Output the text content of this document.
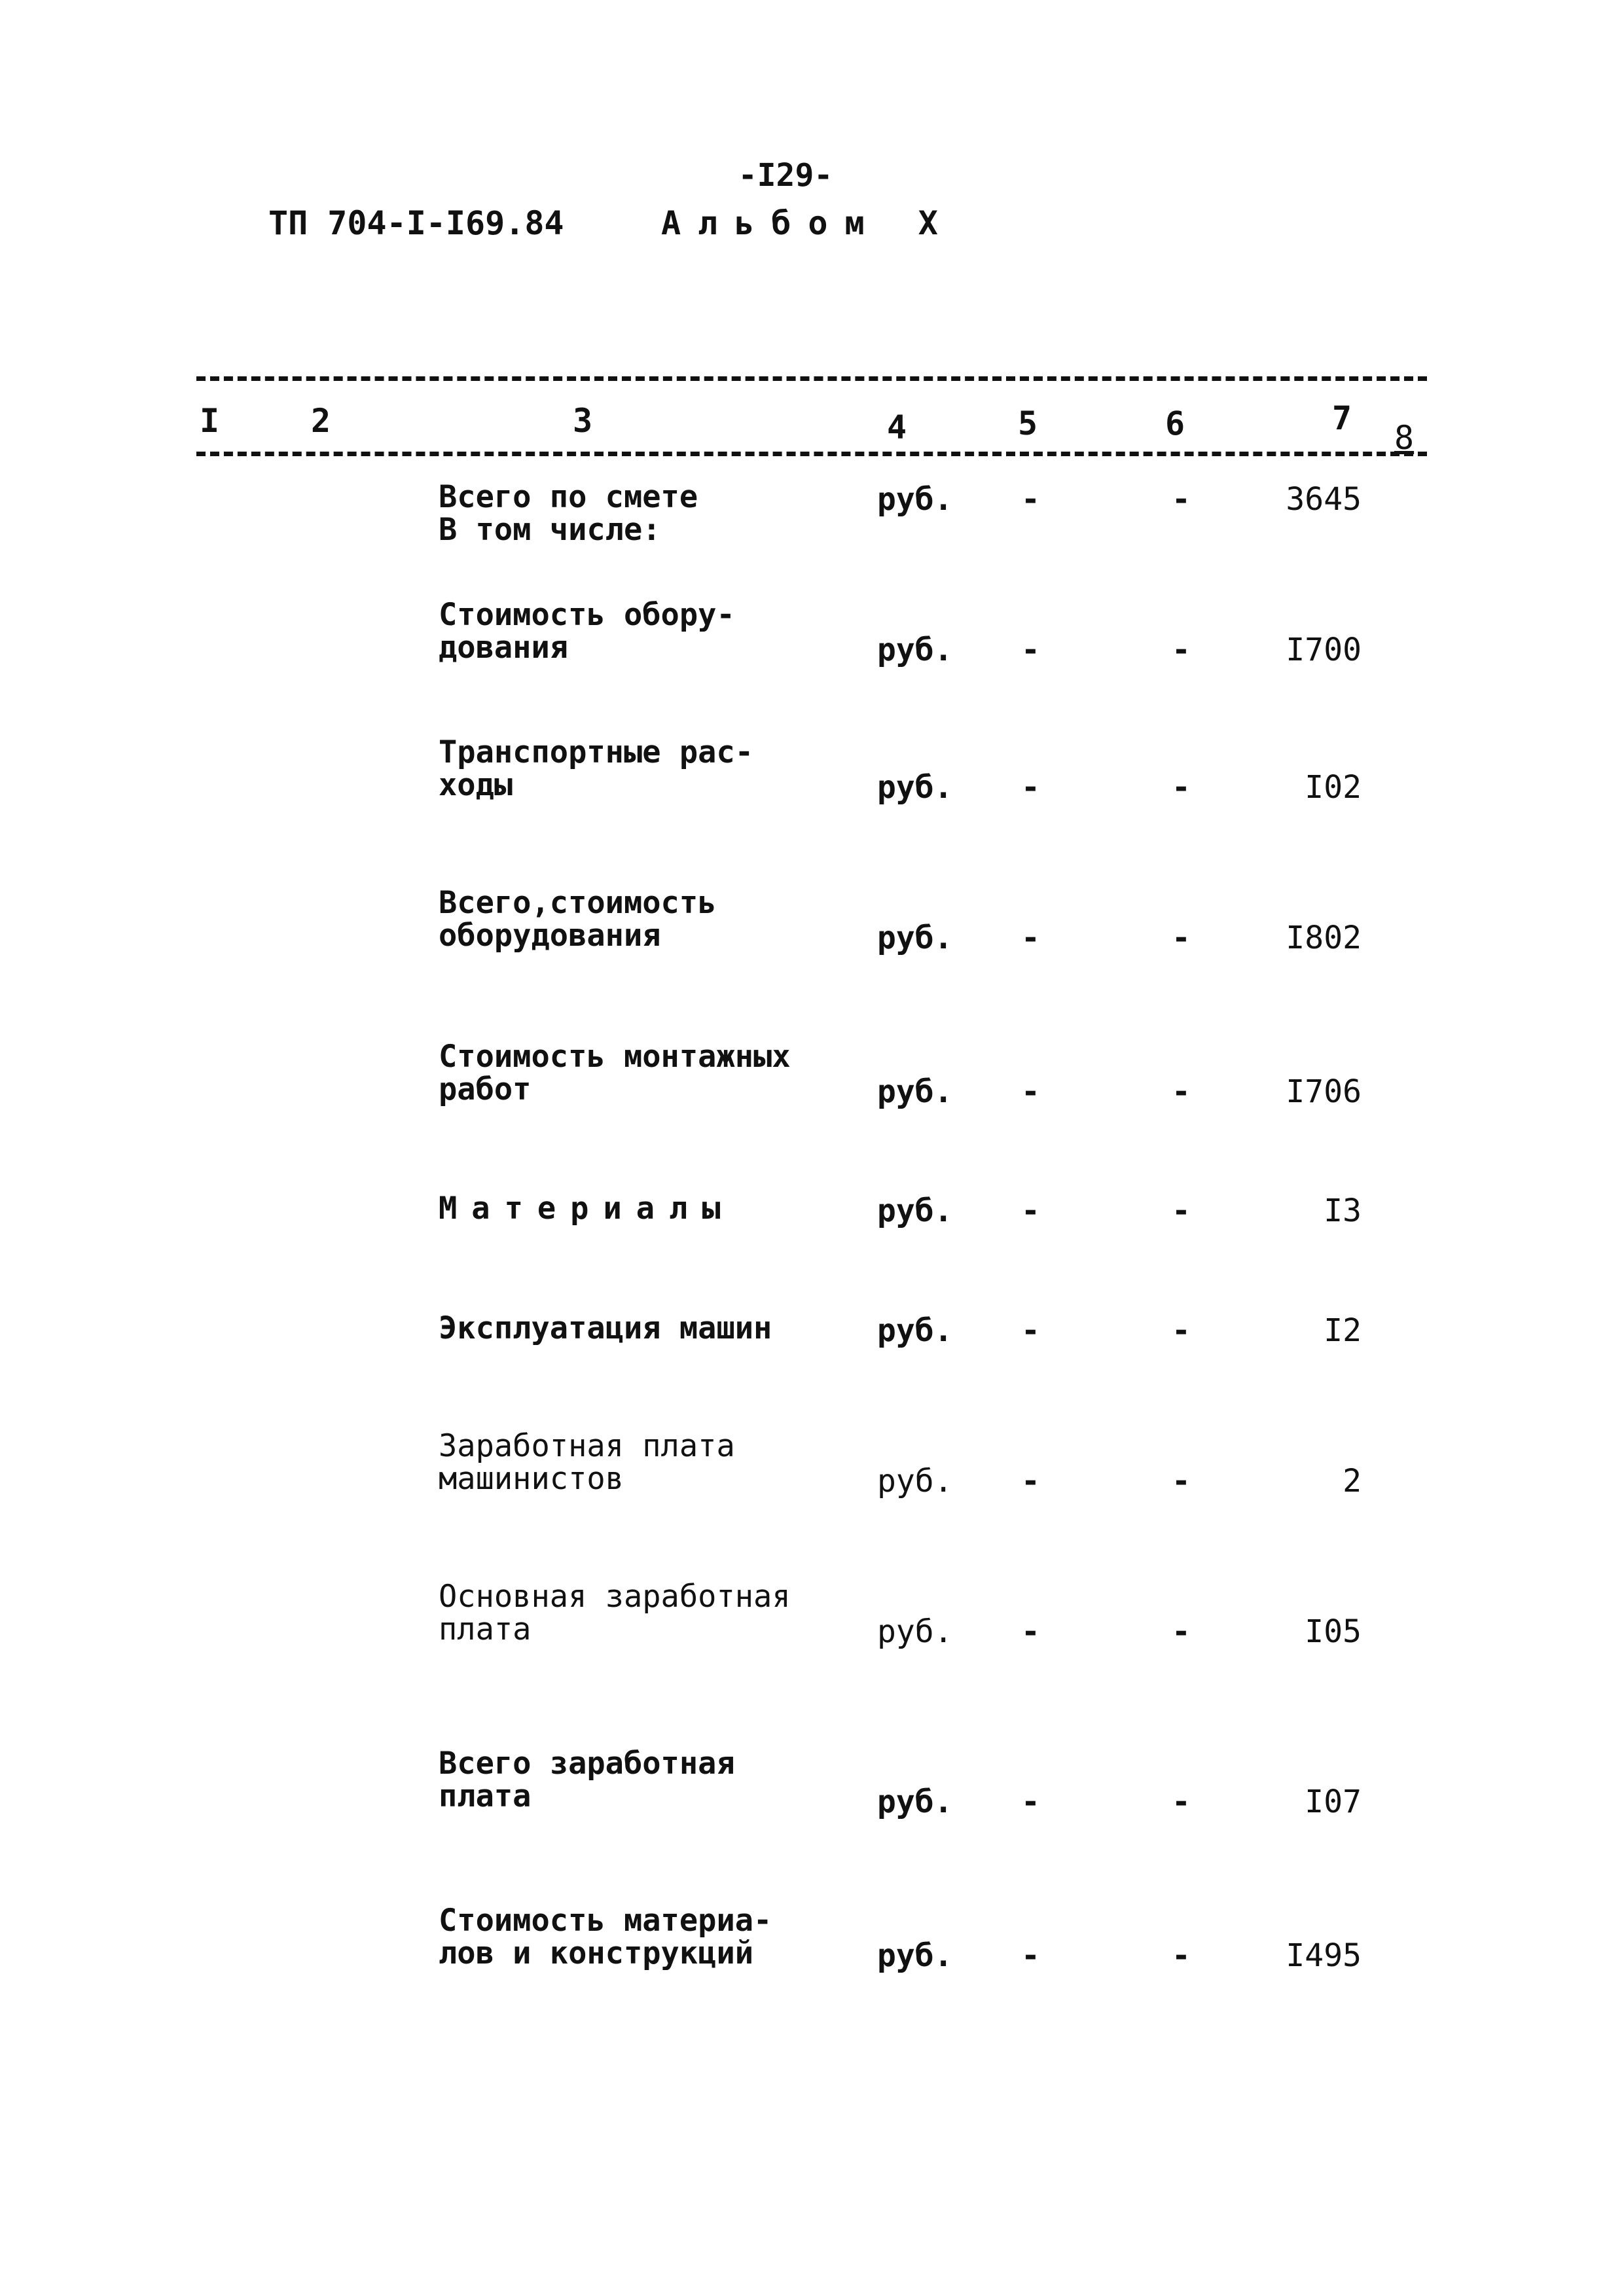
-I29-
ТП 704-I-I69.84	Альбом Х
I	2	3	4	5	6	7
8
Всего по смете
В том числе:
руб. -	-	3645
Стоимость обору-
дования	руб. -	-	I700
Транспортные рас-
ходы	руб. -	-	I02
Всего,стоимость
оборудования	руб. -	-	I802
Стоимость монтажных
работ	руб. -	-	I706
Материалы	руб. -	-	I3
Эксплуатация машин	руб. -	-	I2
Заработная плата
машинистов	руб. -	-	2
Основная заработная
плата	руб. -	-	I05
Всего заработная
плата	руб. -	-	I07
Стоимость материа-
лов и конструкций	руб. -	-	I495
